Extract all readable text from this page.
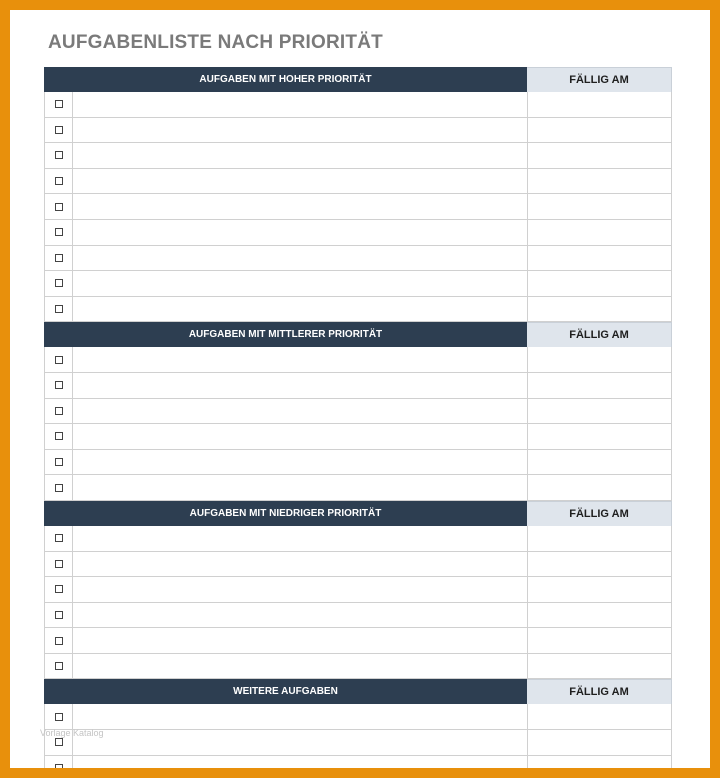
AUFGABENLISTE NACH PRIORITÄT
AUFGABEN MIT HOHER PRIORITÄT	FÄLLIG AM
AUFGABEN MIT MITTLERER PRIORITÄT	FÄLLIG AM
AUFGABEN MIT NIEDRIGER PRIORITÄT	FÄLLIG AM
WEITERE AUFGABEN	FÄLLIG AM
Vorlage Katalog
